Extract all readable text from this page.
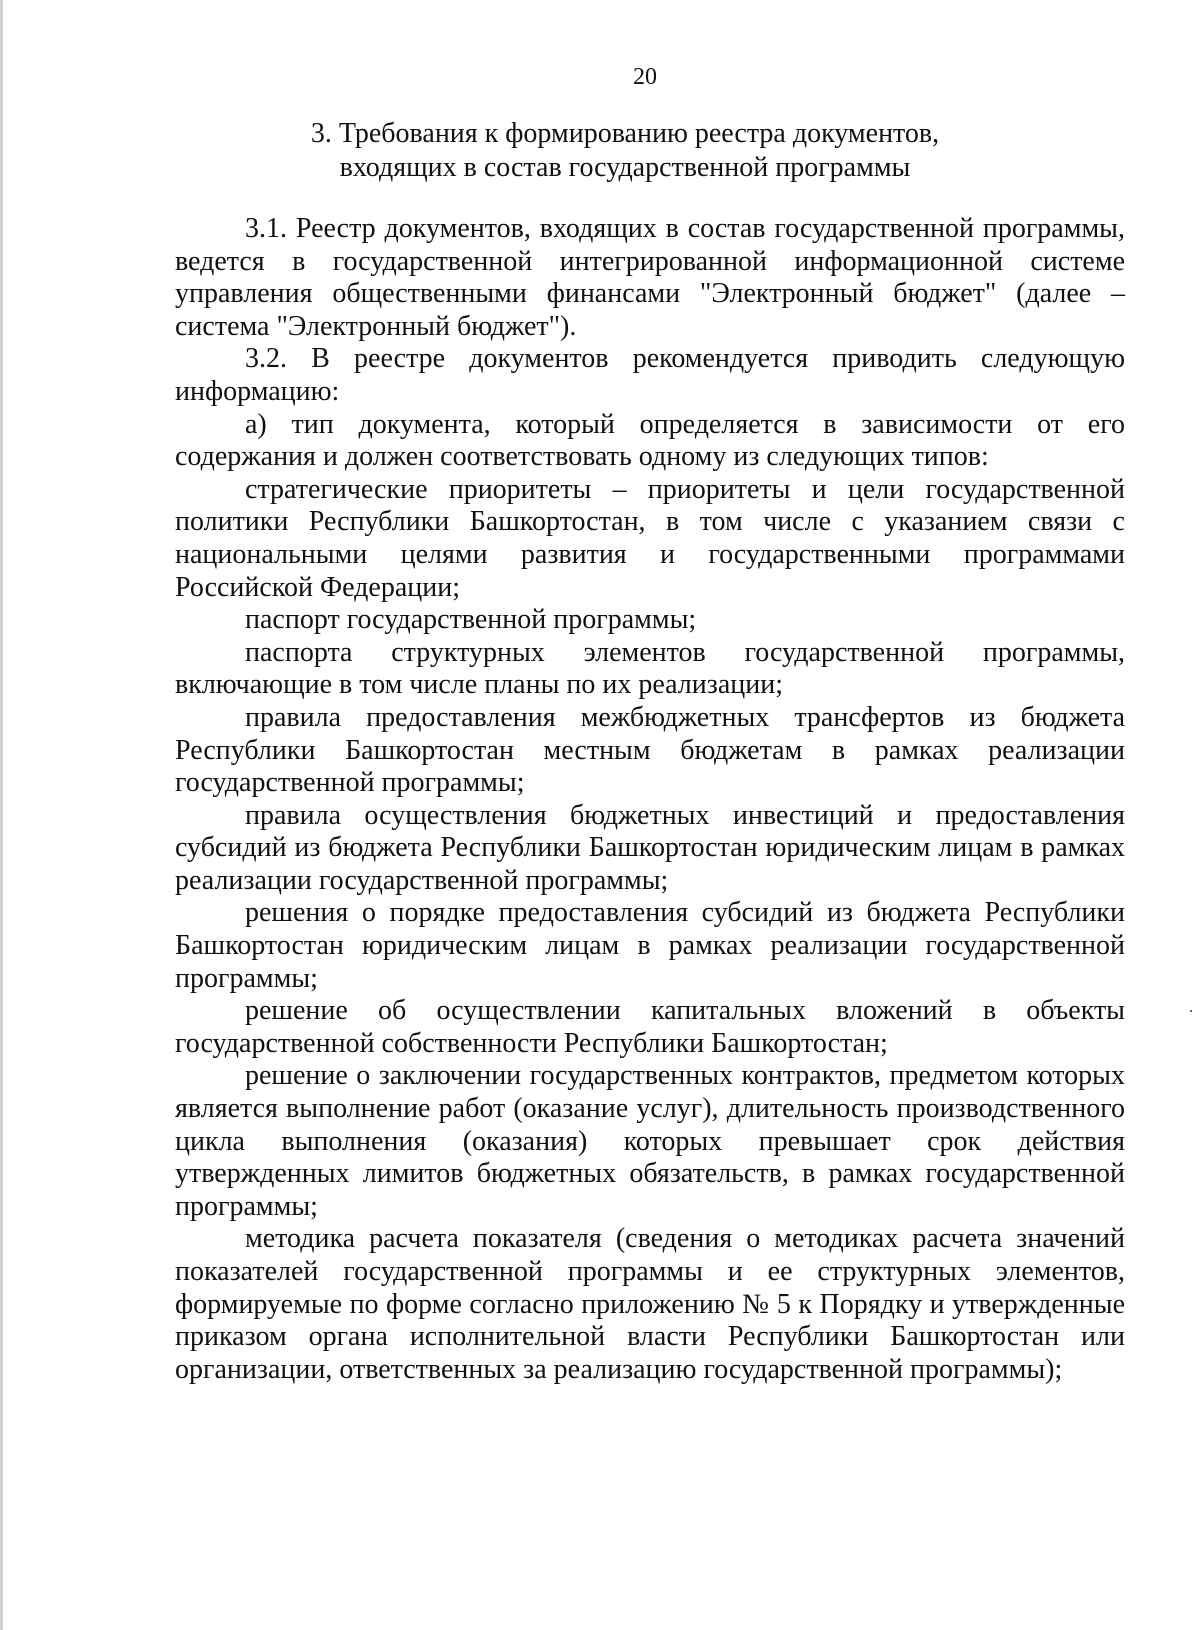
20
3. Требования к формированию реестра документов,
входящих в состав государственной программы

3.1. Реестр документов, входящих в состав государственной программы, ведется в государственной интегрированной информационной системе управления общественными финансами "Электронный бюджет" (далее – система "Электронный бюджет").

3.2. В реестре документов рекомендуется приводить следующую информацию:

а) тип документа, который определяется в зависимости от его содержания и должен соответствовать одному из следующих типов:

стратегические приоритеты – приоритеты и цели государственной политики Республики Башкортостан, в том числе с указанием связи с национальными целями развития и государственными программами Российской Федерации;

паспорт государственной программы;

паспорта структурных элементов государственной программы, включающие в том числе планы по их реализации;

правила предоставления межбюджетных трансфертов из бюджета Республики Башкортостан местным бюджетам в рамках реализации государственной программы;

правила осуществления бюджетных инвестиций и предоставления субсидий из бюджета Республики Башкортостан юридическим лицам в рамках реализации государственной программы;

решения о порядке предоставления субсидий из бюджета Республики Башкортостан юридическим лицам в рамках реализации государственной программы;

решение об осуществлении капитальных вложений в объекты государственной собственности Республики Башкортостан;

решение о заключении государственных контрактов, предметом которых является выполнение работ (оказание услуг), длительность производственного цикла выполнения (оказания) которых превышает срок действия утвержденных лимитов бюджетных обязательств, в рамках государственной программы;

методика расчета показателя (сведения о методиках расчета значений показателей государственной программы и ее структурных элементов, формируемые по форме согласно приложению № 5 к Порядку и утвержденные приказом органа исполнительной власти Республики Башкортостан или организации, ответственных за реализацию государственной программы);
